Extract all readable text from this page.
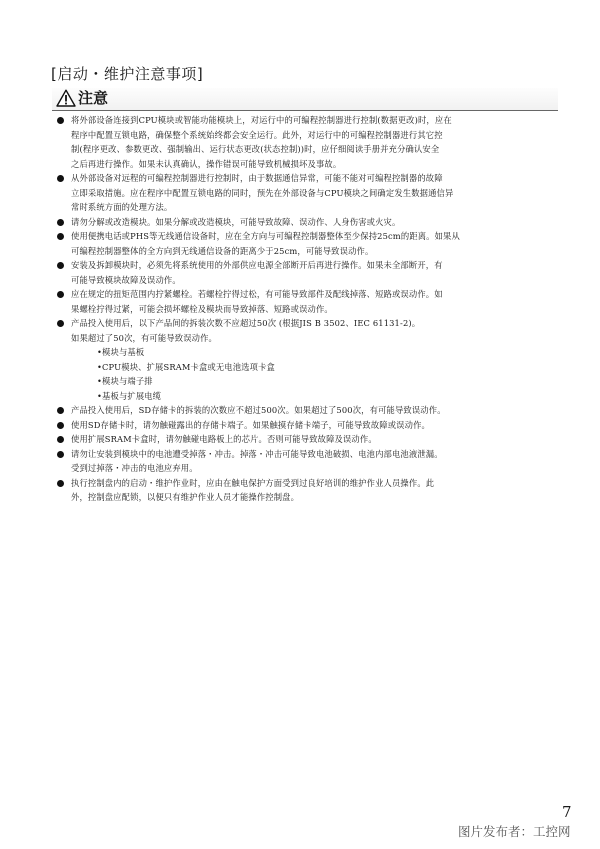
[启动・维护注意事项]
注意
将外部设备连接到CPU模块或智能功能模块上，对运行中的可编程控制器进行控制(数据更改)时，应在
程序中配置互锁电路，确保整个系统始终都会安全运行。此外，对运行中的可编程控制器进行其它控
制(程序更改、参数更改、强制输出、运行状态更改(状态控制))时，应仔细阅读手册并充分确认安全
之后再进行操作。如果未认真确认，操作错误可能导致机械损坏及事故。
从外部设备对远程的可编程控制器进行控制时，由于数据通信异常，可能不能对可编程控制器的故障
立即采取措施。应在程序中配置互锁电路的同时，预先在外部设备与CPU模块之间确定发生数据通信异
常时系统方面的处理方法。
请勿分解或改造模块。如果分解或改造模块，可能导致故障、误动作、人身伤害或火灾。
使用便携电话或PHS等无线通信设备时，应在全方向与可编程控制器整体至少保持25cm的距离。如果从
可编程控制器整体的全方向到无线通信设备的距离少于25cm，可能导致误动作。
安装及拆卸模块时，必须先将系统使用的外部供应电源全部断开后再进行操作。如果未全部断开，有
可能导致模块故障及误动作。
应在规定的扭矩范围内拧紧螺栓。若螺栓拧得过松，有可能导致部件及配线掉落、短路或误动作。如
果螺栓拧得过紧，可能会损坏螺栓及模块而导致掉落、短路或误动作。
产品投入使用后，以下产品间的拆装次数不应超过50次 (根据JIS B 3502、IEC 61131-2)。
如果超过了50次，有可能导致误动作。
•模块与基板
•CPU模块、扩展SRAM卡盒或无电池选项卡盒
•模块与端子排
•基板与扩展电缆
产品投入使用后，SD存储卡的拆装的次数应不超过500次。如果超过了500次，有可能导致误动作。
使用SD存储卡时，请勿触碰露出的存储卡端子。如果触摸存储卡端子，可能导致故障或误动作。
使用扩展SRAM卡盒时，请勿触碰电路板上的芯片。否则可能导致故障及误动作。
请勿让安装到模块中的电池遭受掉落・冲击。掉落・冲击可能导致电池破损、电池内部电池液泄漏。
受到过掉落・冲击的电池应弃用。
执行控制盘内的启动・维护作业时，应由在触电保护方面受到过良好培训的维护作业人员操作。此
外，控制盘应配锁，以便只有维护作业人员才能操作控制盘。
7
图片发布者：工控网
